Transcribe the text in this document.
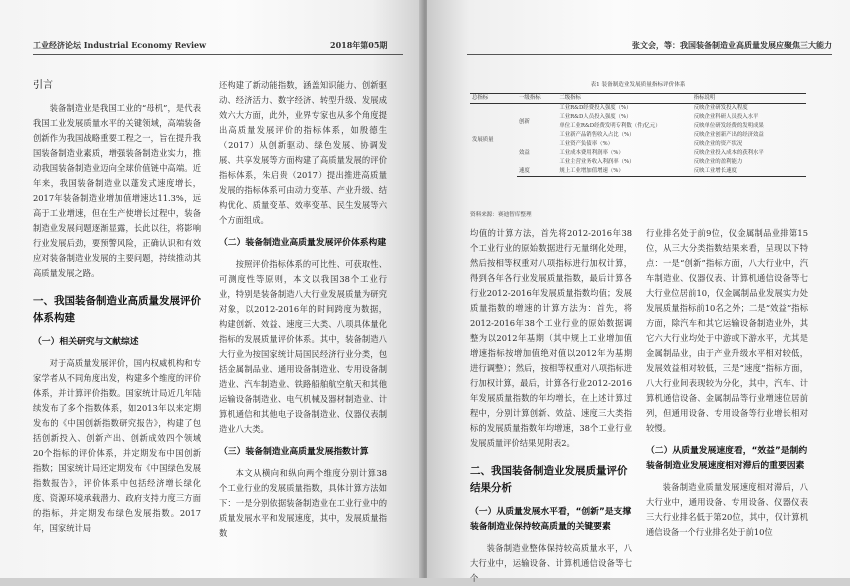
工业经济论坛 Industrial Economy Review	2018年第05期
引言

装备制造业是我国工业的“母机”，是代表我国工业发展质量水平的关键领域，高端装备创新作为我国战略重要工程之一，旨在提升我国装备制造业素质，增强装备制造业实力，推动我国装备制造业迈向全球价值链中高端。近年来，我国装备制造业以蓬发式速度增长，2017年装备制造业增加值增速达11.3%，远高于工业增速，但在生产使增长过程中，装备制造业发展问题逐渐显露，长此以往，将影响行业发展后劲，要预警风险，正确认识和有效应对装备制造业发展的主要问题，持续推动其高质量发展之路。

一、我国装备制造业高质量发展评价体系构建
（一）相关研究与文献综述

对于高质量发展评价，国内权威机构和专家学者从不同角度出发，构建多个维度的评价体系，并计算评价指数。国家统计局近几年陆续发布了多个指数体系，如2013年以来定期发布的《中国创新指数研究报告》，构建了包括创新投入、创新产出、创新成效四个领域20个指标的评价体系，并定期发布中国创新指数；国家统计局还定期发布《中国绿色发展指数报告》，评价体系中包括经济增长绿化度、资源环境承载潜力、政府支持力度三方面的指标，并定期发布绿色发展指数。2017年，国家统计局

还构建了新动能指数，涵盖知识能力、创新驱动、经济活力、数字经济、转型升级、发展成效六大方面，此外，业界专家也从多个角度提出高质量发展评价的指标体系，如殷德生（2017）从创新驱动、绿色发展、协调发展、共享发展等方面构建了高质量发展的评价指标体系，朱启贵（2017）提出推进高质量发展的指标体系可由动力变革、产业升级、结构优化、质量变革、效率变革、民生发展等六个方面组成。

（二）装备制造业高质量发展评价体系构建

按照评价指标体系的可比性、可获取性、可测度性等原则，本文以我国38个工业行业，特别是装备制造八大行业发展质量为研究对象，以2012-2016年的时间跨度为数据，构建创新、效益、速度三大类、八项具体量化指标的发展质量评价体系。其中，装备制造八大行业为按国家统计局国民经济行业分类，包括金属制品业、通用设备制造业、专用设备制造业、汽车制造业、铁路船舶航空航天和其他运输设备制造业、电气机械及器材制造业、计算机通信和其他电子设备制造业、仪器仪表制造业八大类。

（三）装备制造业高质量发展指数计算

本文从横向和纵向两个维度分别计算38个工业行业的发展质量指数，具体计算方法如下：一是分别依据装备制造业在工业行业中的质量发展水平和发展速度，其中，发展质量指数

张文会，等：我国装备制造业高质量发展应聚焦三大能力
表1 装备制造业发展质量指标评价体系
总指标	一级指标	二级指标	指标说明
发展质量	创新	工业R&D经费投入强度（%）	反映企业研发投入程度
		工业R&D人员投入强度（%）	反映企业科研人员投入水平
		单位工业R&D经费发明专利数（件/亿元）	反映单位研发经费的发明成果
		工业新产品销售收入占比（%）	反映企业创新产出的经济效益
	效益	工业资产负债率（%）	反映企业的资产状况
		工业成本费用利润率（%）	反映企业投入成本的获利水平
		工业主营业务收入利润率（%）	反映企业的盈利能力
	速度	规上工业增加值增速（%）	反映工业增长速度
资料来源：赛迪智库整理

均值的计算方法，首先将2012-2016年38个工业行业的原始数据进行无量纲化处理，然后按相等权重对八项指标进行加权计算，得到各年各行业发展质量指数，最后计算各行业2012-2016年发展质量指数均值；发展质量指数的增速的计算方法为：首先，将2012-2016年38个工业行业的原始数据调整为以2012年基期（其中规上工业增加值增速指标按增加值绝对值以2012年为基期进行调整）；然后，按相等权重对八项指标进行加权计算，最后，计算各行业2012-2016年发展质量指数的年均增长，在上述计算过程中，分别计算创新、效益、速度三大类指标的发展质量指数年均增速，38个工业行业发展质量评价结果见附表2。

二、我国装备制造业发展质量评价结果分析
（一）从质量发展水平看，“创新”是支撑装备制造业保持较高质量的关键要素

装备制造业整体保持较高质量水平，八大行业中，运输设备、计算机通信设备等七个

行业排名处于前9位，仪金属制品业排第15位，从三大分类指数结果来看，呈现以下特点：一是“创新”指标方面，八大行业中，汽车制造业、仪器仪表、计算机通信设备等七大行业位居前10，仅金属制品业发展实力处发展质量指标前10名之外；二是“效益”指标方面，除汽车和其它运输设备制造业外，其它六大行业均处于中游或下游水平，尤其是金属制品业，由于产业升级水平相对较低，发展效益相对较低，三是“速度”指标方面，八大行业间表现较为分化，其中，汽车、计算机通信设备、金属制品等行业增速位居前列，但通用设备、专用设备等行业增长相对较慢。

（二）从质量发展速度看，“效益”是制约装备制造业发展速度相对滞后的重要因素

装备制造业质量发展速度相对滞后，八大行业中，通用设备、专用设备、仪器仪表三大行业排名低于第20位，其中，仅计算机通信设备一个行业排名处于前10位
